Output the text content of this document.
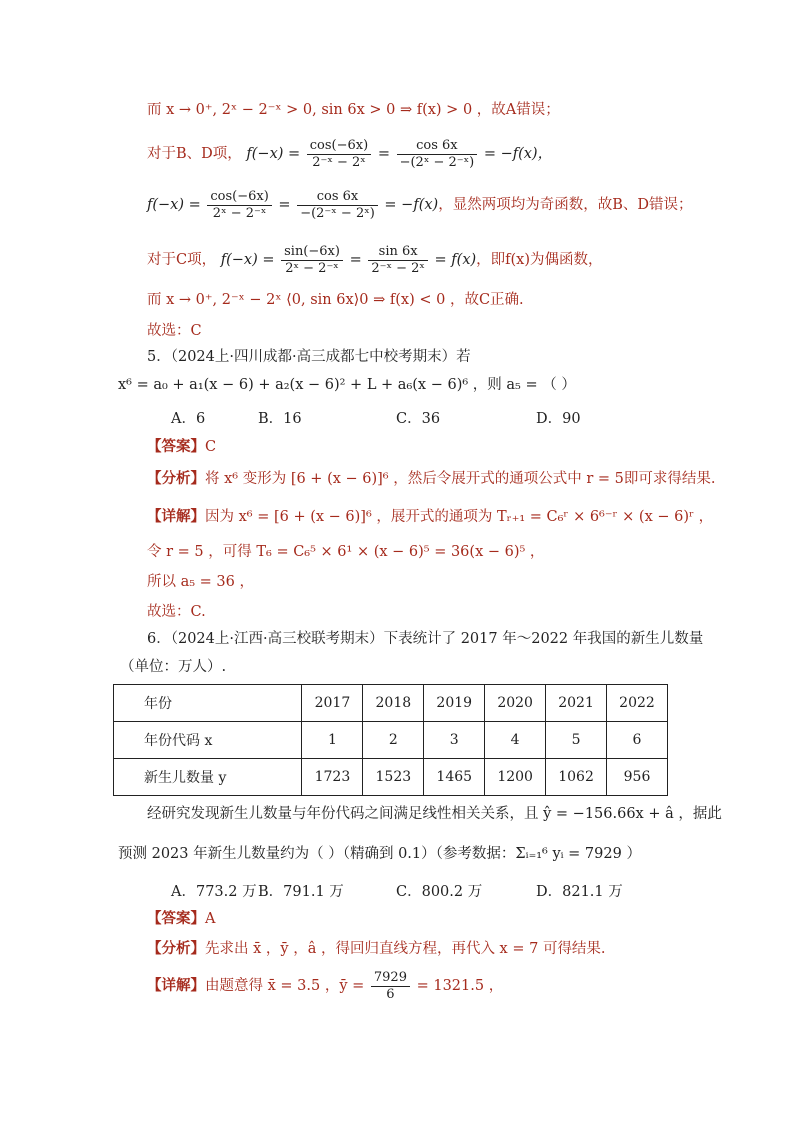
而 x → 0⁺, 2ˣ − 2⁻ˣ > 0, sin 6x > 0 ⇒ f(x) > 0 ，故A错误；
对于B、D项， $f(-x) = \frac{\cos(-6x)}{\text{2⁻ˣ − 2ˣ}} = \frac{\cos 6x}{\text{−(2ˣ − 2⁻ˣ)}} = -f(x)$，
$f(-x) = \frac{\cos(-6x)}{\text{2ˣ − 2⁻ˣ}} = \frac{\cos 6x}{\text{−(2⁻ˣ − 2ˣ)}} = -f(x)$，显然两项均为奇函数，故B、D错误；
对于C项， $f(-x) = \frac{\sin(-6x)}{\text{2ˣ − 2⁻ˣ}} = \frac{\sin 6x}{\text{2⁻ˣ − 2ˣ}} = f(x)$，即f(x)为偶函数，
而 x → 0⁺, 2⁻ˣ − 2ˣ ⟨0, sin 6x⟩0 ⇒ f(x) < 0 ，故C正确.
故选：C
5．（2024上·四川成都·高三成都七中校考期末）若
x⁶ = a₀ + a₁(x − 6) + a₂(x − 6)² + L + a₆(x − 6)⁶ ，则 a₅ = （ ）
A．6	B．16	C．36	D．90
【答案】C
【分析】将 x⁶ 变形为 [6 + (x − 6)]⁶ ，然后令展开式的通项公式中 r = 5即可求得结果.
【详解】因为 x⁶ = [6 + (x − 6)]⁶ ，展开式的通项为 Tᵣ₊₁ = C₆ʳ × 6⁶⁻ʳ × (x − 6)ʳ ，
令 r = 5 ，可得 T₆ = C₆⁵ × 6¹ × (x − 6)⁵ = 36(x − 6)⁵ ，
所以 a₅ = 36 ，
故选：C.
6．（2024上·江西·高三校联考期末）下表统计了 2017 年～2022 年我国的新生儿数量
（单位：万人）.
年份	2017	2018	2019	2020	2021	2022
年份代码 x	1	2	3	4	5	6
新生儿数量 y	1723	1523	1465	1200	1062	956
经研究发现新生儿数量与年份代码之间满足线性相关关系，且 ŷ = −156.66x + â ，据此
预测 2023 年新生儿数量约为（ ）（精确到 0.1）（参考数据：Σᵢ₌₁⁶ yᵢ = 7929 ）
A．773.2 万 B．791.1 万	C．800.2 万	D．821.1 万
【答案】A
【分析】先求出 x̄ ，ȳ ，â ，得回归直线方程，再代入 x = 7 可得结果.
【详解】由题意得 x̄ = 3.5 ，ȳ = $\frac{7929}{6} = 1321.5$ ，
